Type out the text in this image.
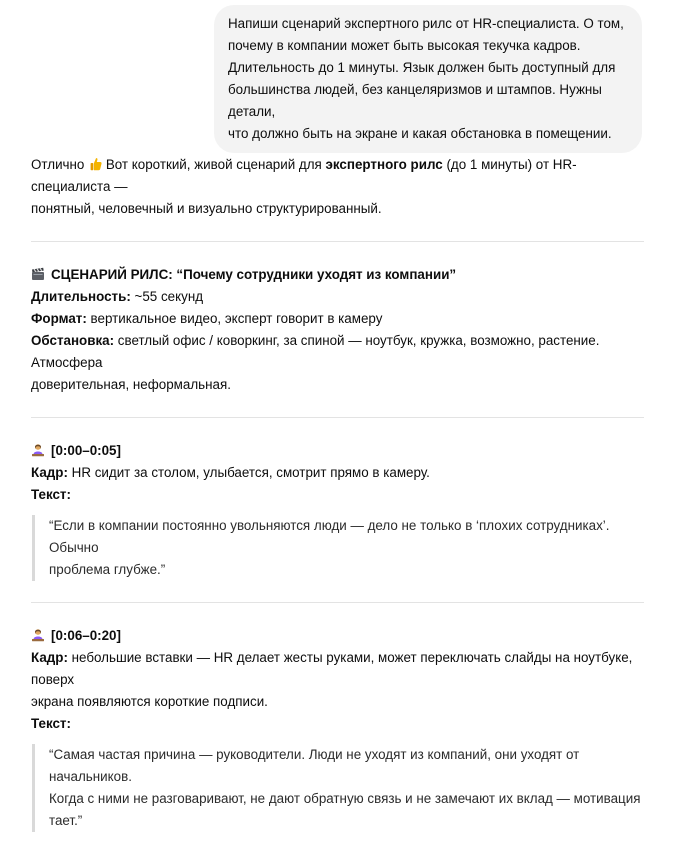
Напиши сценарий экспертного рилс от HR-специалиста. О том,
почему в компании может быть высокая текучка кадров.
Длительность до 1 минуты. Язык должен быть доступный для
большинства людей, без канцеляризмов и штампов. Нужны детали,
что должно быть на экране и какая обстановка в помещении.

Отлично  Вот короткий, живой сценарий для экспертного рилс (до 1 минуты) от HR-специалиста —
понятный, человечный и визуально структурированный.

СЦЕНАРИЙ РИЛС: “Почему сотрудники уходят из компании”
Длительность: ~55 секунд
Формат: вертикальное видео, эксперт говорит в камеру
Обстановка: светлый офис / коворкинг, за спиной — ноутбук, кружка, возможно, растение. Атмосфера
доверительная, неформальная.
[0:00–0:05]
Кадр: HR сидит за столом, улыбается, смотрит прямо в камеру.
Текст:
“Если в компании постоянно увольняются люди — дело не только в ‘плохих сотрудниках’. Обычно
проблема глубже.”
[0:06–0:20]
Кадр: небольшие вставки — HR делает жесты руками, может переключать слайды на ноутбуке, поверх
экрана появляются короткие подписи.
Текст:
“Самая частая причина — руководители. Люди не уходят из компаний, они уходят от начальников.
Когда с ними не разговаривают, не дают обратную связь и не замечают их вклад — мотивация
тает.”
